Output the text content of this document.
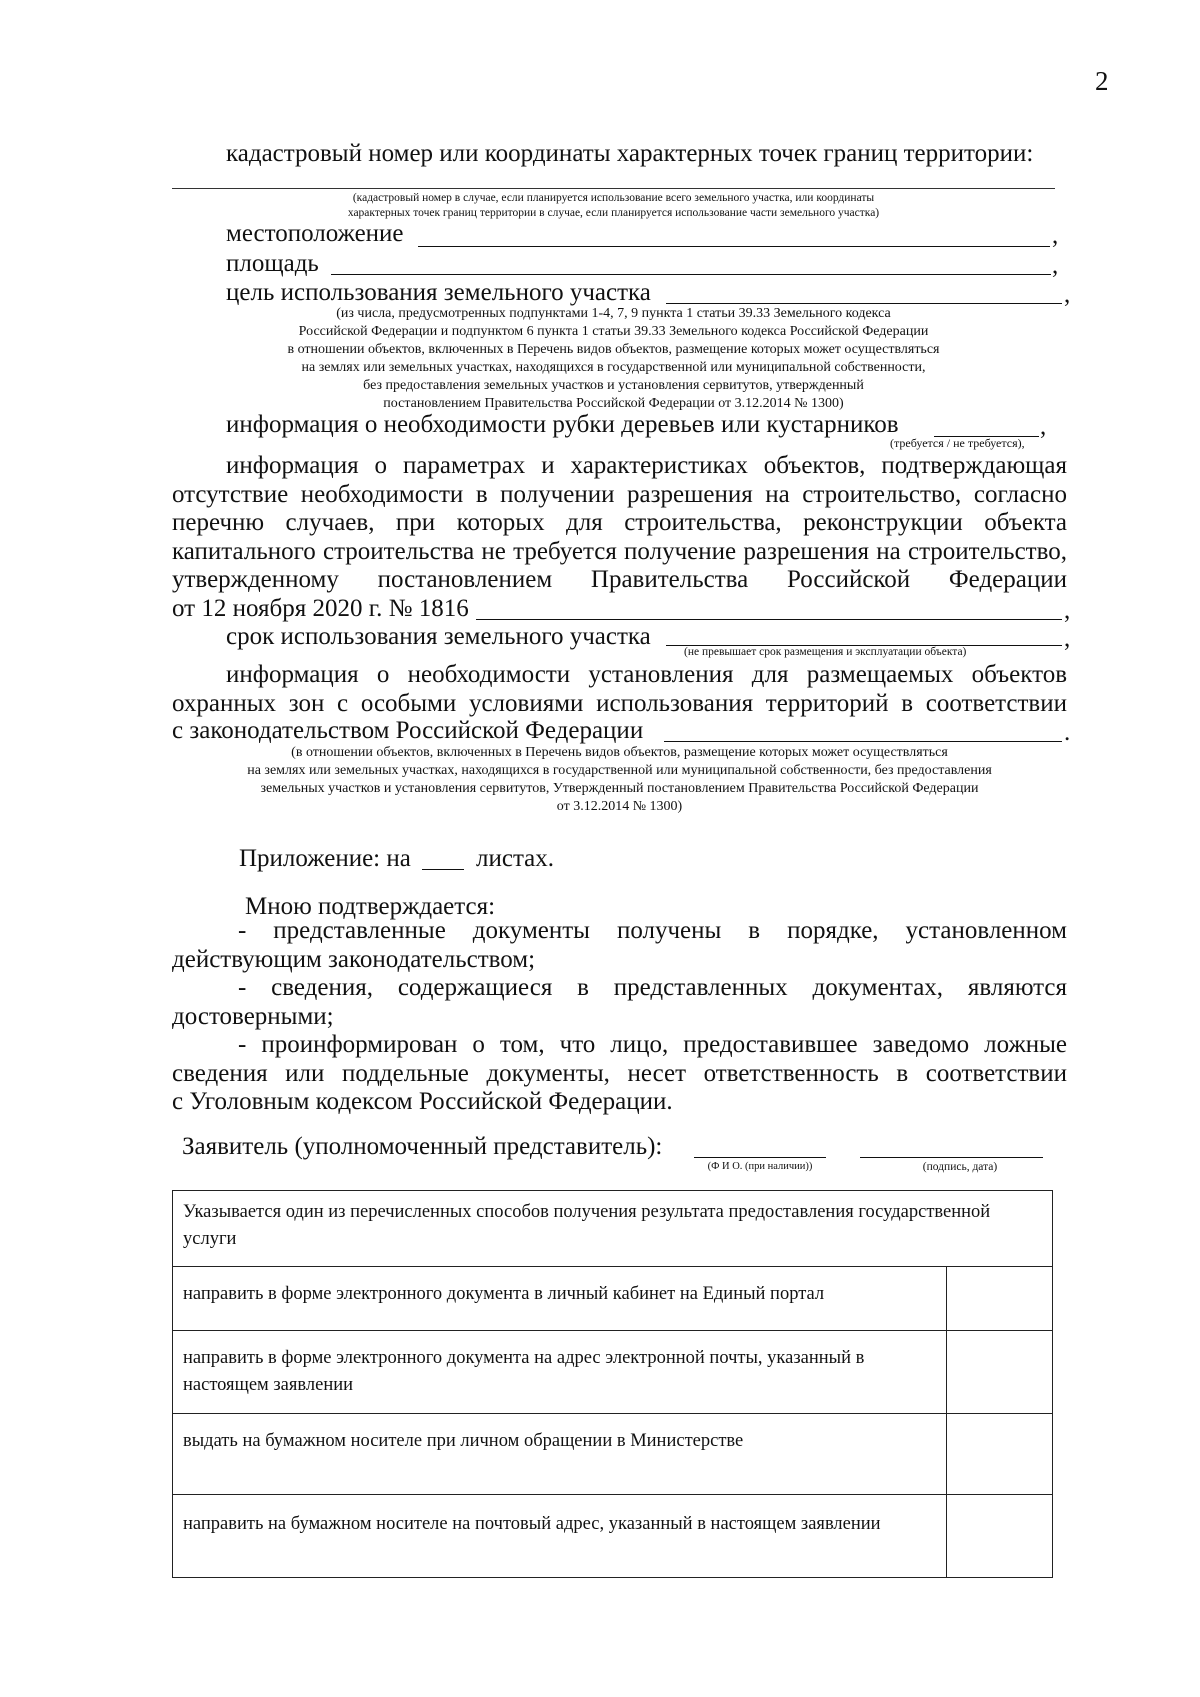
2
кадастровый номер или координаты характерных точек границ территории:
(кадастровый номер в случае, если планируется использование всего земельного участка, или координаты
характерных точек границ территории в случае, если планируется использование части земельного участка)
местоположение	,
площадь	,
цель использования земельного участка	,
(из числа, предусмотренных подпунктами 1-4, 7, 9 пункта 1 статьи 39.33 Земельного кодекса
Российской Федерации и подпунктом 6 пункта 1 статьи 39.33 Земельного кодекса Российской Федерации
в отношении объектов, включенных в Перечень видов объектов, размещение которых может осуществляться
на землях или земельных участках, находящихся в государственной или муниципальной собственности,
без предоставления земельных участков и установления сервитутов, утвержденный
постановлением Правительства Российской Федерации от 3.12.2014 № 1300)
информация о необходимости рубки деревьев или кустарников	,
(требуется / не требуется),
информация о параметрах и характеристиках объектов, подтверждающая
отсутствие необходимости в получении разрешения на строительство, согласно
перечню случаев, при которых для строительства, реконструкции объекта
капитального строительства не требуется получение разрешения на строительство,
утвержденному постановлением Правительства Российской Федерации
от 12 ноября 2020 г. № 1816	,
срок использования земельного участка	,
(не превышает срок размещения и эксплуатации объекта)
информация о необходимости установления для размещаемых объектов
охранных зон с особыми условиями использования территорий в соответствии
с законодательством Российской Федерации	.
(в отношении объектов, включенных в Перечень видов объектов, размещение которых может осуществляться
на землях или земельных участках, находящихся в государственной или муниципальной собственности, без предоставления
земельных участков и установления сервитутов, Утвержденный постановлением Правительства Российской Федерации
от 3.12.2014 № 1300)
Приложение: на	листах.
Мною подтверждается:
- представленные документы получены в порядке, установленном
действующим законодательством;
- сведения, содержащиеся в представленных документах, являются
достоверными;
- проинформирован о том, что лицо, предоставившее заведомо ложные
сведения или поддельные документы, несет ответственность в соответствии
с Уголовным кодексом Российской Федерации.
Заявитель (уполномоченный представитель):
(Ф И О. (при наличии))	(подпись, дата)
Указывается один из перечисленных способов получения результата предоставления государственной услуги	
направить в форме электронного документа в личный кабинет на Единый портал	
направить в форме электронного документа на адрес электронной почты, указанный в настоящем заявлении	
выдать на бумажном носителе при личном обращении в Министерстве	
направить на бумажном носителе на почтовый адрес, указанный в настоящем заявлении	
